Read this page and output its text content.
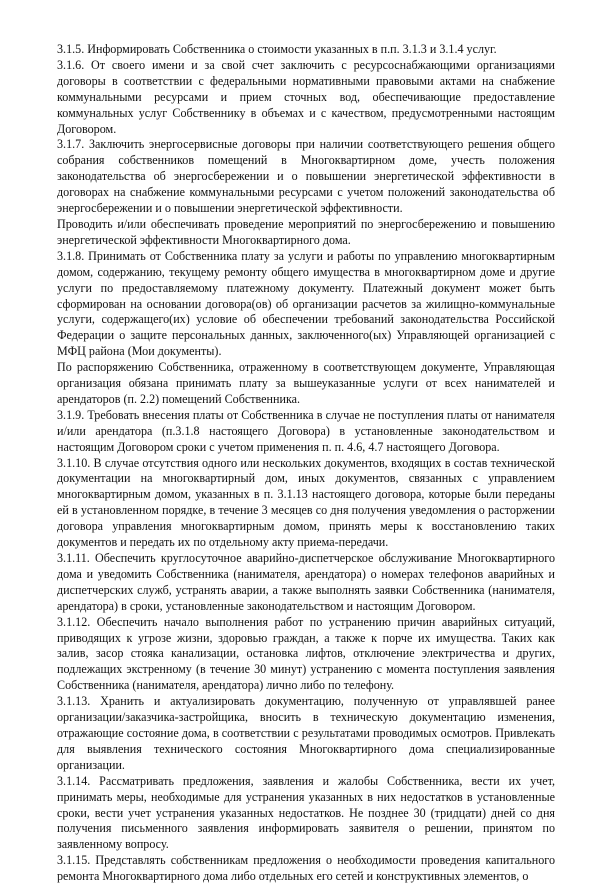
3.1.5. Информировать Собственника о стоимости указанных в п.п. 3.1.3 и 3.1.4 услуг.

3.1.6. От своего имени и за свой счет заключить с ресурсоснабжающими организациями договоры в соответствии с федеральными нормативными правовыми актами на снабжение коммунальными ресурсами и прием сточных вод, обеспечивающие предоставление коммунальных услуг Собственнику в объемах и с качеством, предусмотренными настоящим Договором.

3.1.7. Заключить энергосервисные договоры при наличии соответствующего решения общего собрания собственников помещений в Многоквартирном доме, учесть положения законодательства об энергосбережении и о повышении энергетической эффективности в договорах на снабжение коммунальными ресурсами с учетом положений законодательства об энергосбережении и о повышении энергетической эффективности.

Проводить и/или обеспечивать проведение мероприятий по энергосбережению и повышению энергетической эффективности Многоквартирного дома.

3.1.8. Принимать от Собственника плату за услуги и работы по управлению многоквартирным домом, содержанию, текущему ремонту общего имущества в многоквартирном доме и другие услуги по предоставляемому платежному документу. Платежный документ может быть сформирован на основании договора(ов) об организации расчетов за жилищно-коммунальные услуги, содержащего(их) условие об обеспечении требований законодательства Российской Федерации о защите персональных данных, заключенного(ых) Управляющей организацией с МФЦ района (Мои документы).

По распоряжению Собственника, отраженному в соответствующем документе, Управляющая организация обязана принимать плату за вышеуказанные услуги от всех нанимателей и арендаторов (п. 2.2) помещений Собственника.

3.1.9. Требовать внесения платы от Собственника в случае не поступления платы от нанимателя и/или арендатора (п.3.1.8 настоящего Договора) в установленные законодательством и настоящим Договором сроки с учетом применения п. п. 4.6, 4.7 настоящего Договора.

3.1.10. В случае отсутствия одного или нескольких документов, входящих в состав технической документации на многоквартирный дом, иных документов, связанных с управлением многоквартирным домом, указанных в п. 3.1.13 настоящего договора, которые были переданы ей в установленном порядке, в течение 3 месяцев со дня получения уведомления о расторжении договора управления многоквартирным домом, принять меры к восстановлению таких документов и передать их по отдельному акту приема-передачи.

3.1.11. Обеспечить круглосуточное аварийно-диспетчерское обслуживание Многоквартирного дома и уведомить Собственника (нанимателя, арендатора) о номерах телефонов аварийных и диспетчерских служб, устранять аварии, а также выполнять заявки Собственника (нанимателя, арендатора) в сроки, установленные законодательством и настоящим Договором.

3.1.12. Обеспечить начало выполнения работ по устранению причин аварийных ситуаций, приводящих к угрозе жизни, здоровью граждан, а также к порче их имущества. Таких как залив, засор стояка канализации, остановка лифтов, отключение электричества и других, подлежащих экстренному (в течение 30 минут) устранению с момента поступления заявления Собственника (нанимателя, арендатора) лично либо по телефону.

3.1.13. Хранить и актуализировать документацию, полученную от управлявшей ранее организации/заказчика-застройщика, вносить в техническую документацию изменения, отражающие состояние дома, в соответствии с результатами проводимых осмотров. Привлекать для выявления технического состояния Многоквартирного дома специализированные организации.

3.1.14. Рассматривать предложения, заявления и жалобы Собственника, вести их учет, принимать меры, необходимые для устранения указанных в них недостатков в установленные сроки, вести учет устранения указанных недостатков. Не позднее 30 (тридцати) дней со дня получения письменного заявления информировать заявителя о решении, принятом по заявленному вопросу.

3.1.15. Представлять собственникам предложения о необходимости проведения капитального ремонта Многоквартирного дома либо отдельных его сетей и конструктивных элементов, о
